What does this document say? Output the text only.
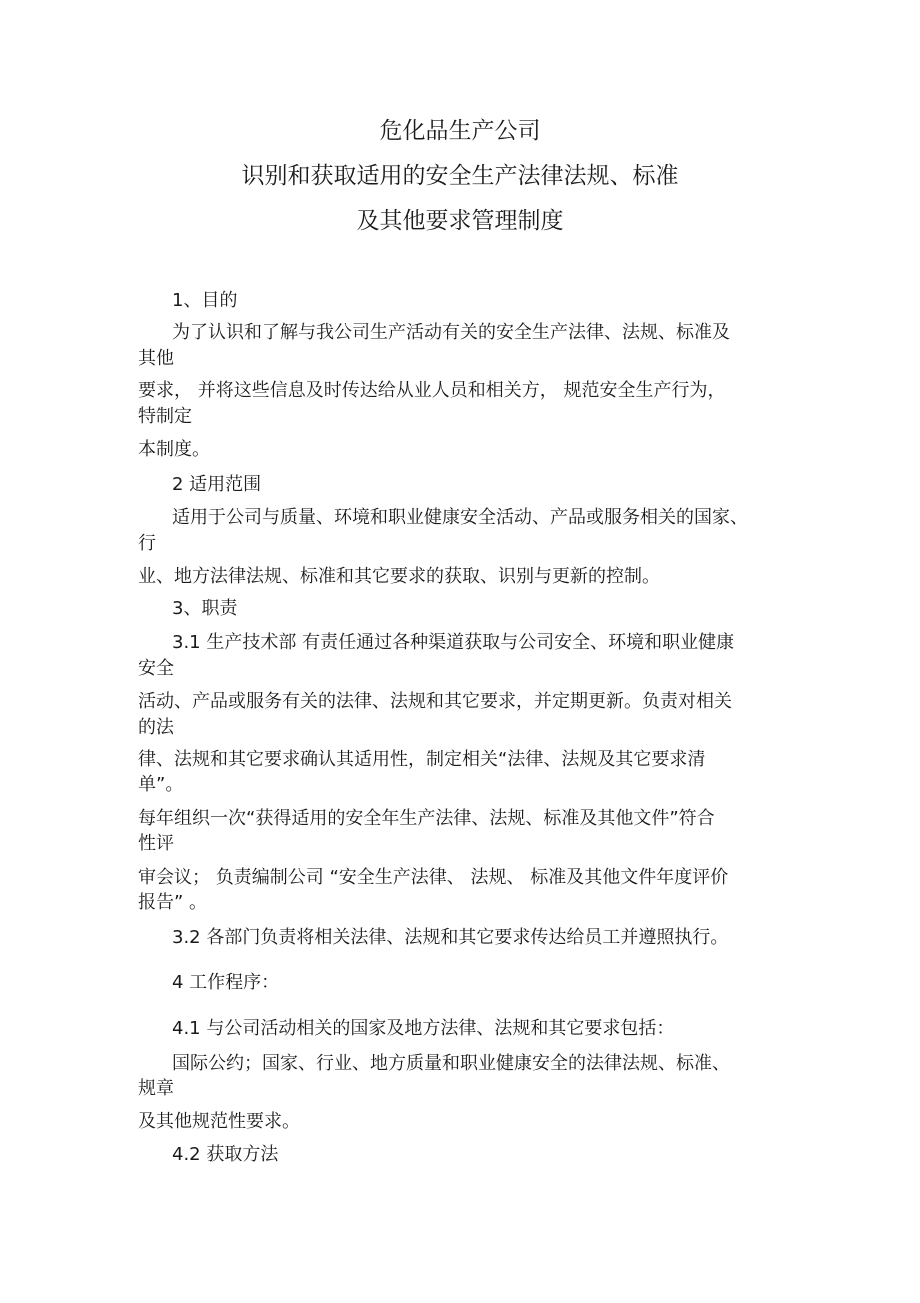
危化品生产公司
识别和获取适用的安全生产法律法规、标准
及其他要求管理制度
1、目的
为了认识和了解与我公司生产活动有关的安全生产法律、法规、标准及
其他
要求， 并将这些信息及时传达给从业人员和相关方， 规范安全生产行为，
特制定
本制度。
2 适用范围
适用于公司与质量、环境和职业健康安全活动、产品或服务相关的国家、
行
业、地方法律法规、标准和其它要求的获取、识别与更新的控制。
3、职责
3.1 生产技术部 有责任通过各种渠道获取与公司安全、环境和职业健康
安全
活动、产品或服务有关的法律、法规和其它要求，并定期更新。负责对相关
的法
律、法规和其它要求确认其适用性，制定相关“法律、法规及其它要求清
单”。
每年组织一次“获得适用的安全年生产法律、法规、标准及其他文件”符合
性评
审会议； 负责编制公司 “安全生产法律、 法规、 标准及其他文件年度评价
报告” 。
3.2 各部门负责将相关法律、法规和其它要求传达给员工并遵照执行。
4 工作程序：
4.1 与公司活动相关的国家及地方法律、法规和其它要求包括：
国际公约；国家、行业、地方质量和职业健康安全的法律法规、标准、
规章
及其他规范性要求。
4.2 获取方法
